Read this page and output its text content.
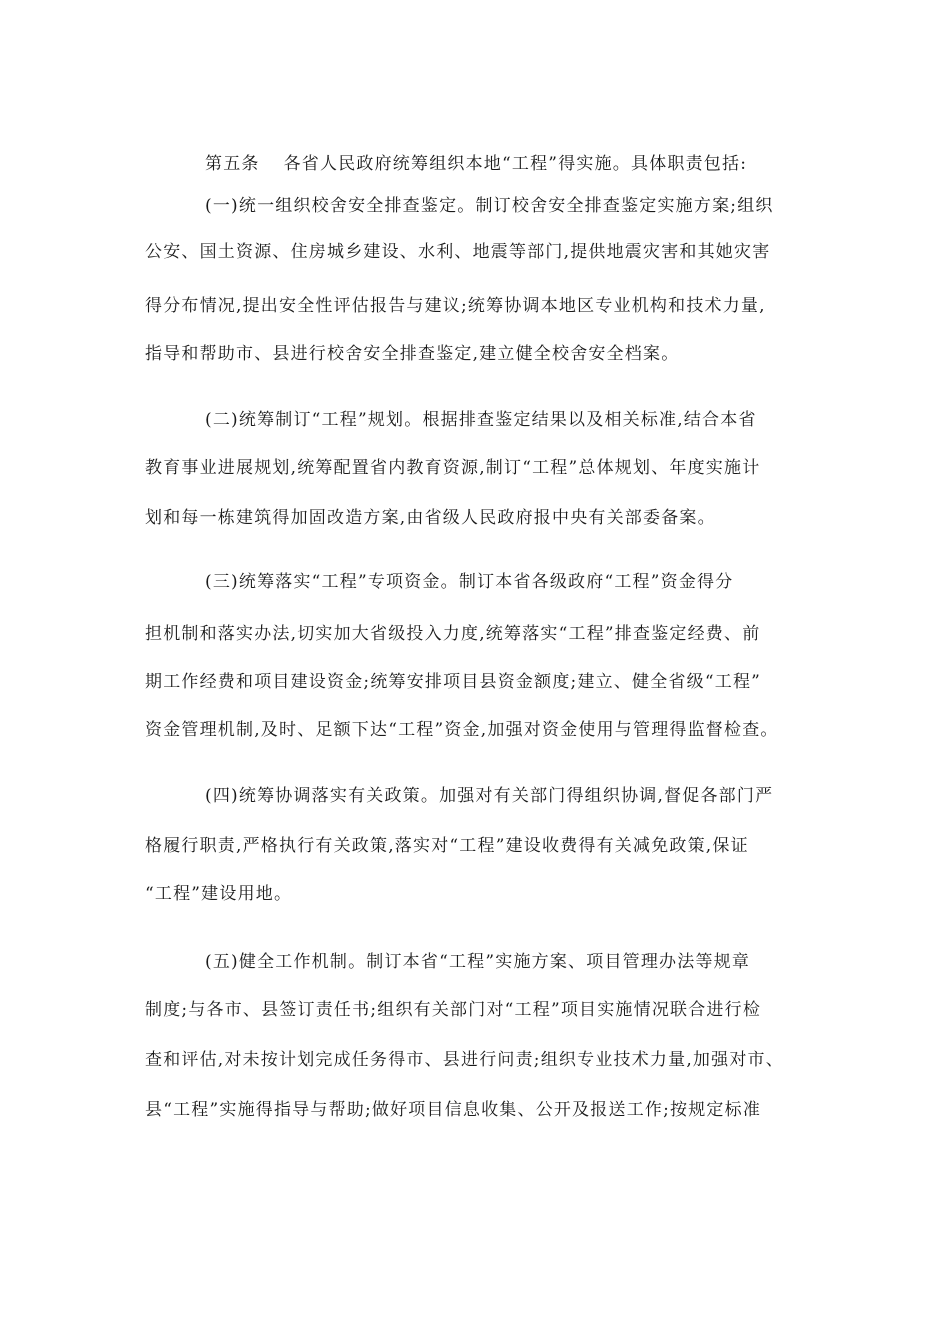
第五条 各省人民政府统筹组织本地“工程”得实施。具体职责包括:
(一)统一组织校舍安全排查鉴定。制订校舍安全排查鉴定实施方案;组织
公安、国土资源、住房城乡建设、水利、地震等部门,提供地震灾害和其她灾害
得分布情况,提出安全性评估报告与建议;统筹协调本地区专业机构和技术力量,
指导和帮助市、县进行校舍安全排查鉴定,建立健全校舍安全档案。
(二)统筹制订“工程”规划。根据排查鉴定结果以及相关标准,结合本省
教育事业进展规划,统筹配置省内教育资源,制订“工程”总体规划、年度实施计
划和每一栋建筑得加固改造方案,由省级人民政府报中央有关部委备案。
(三)统筹落实“工程”专项资金。制订本省各级政府“工程”资金得分
担机制和落实办法,切实加大省级投入力度,统筹落实“工程”排查鉴定经费、前
期工作经费和项目建设资金;统筹安排项目县资金额度;建立、健全省级“工程”
资金管理机制,及时、足额下达“工程”资金,加强对资金使用与管理得监督检查。
(四)统筹协调落实有关政策。加强对有关部门得组织协调,督促各部门严
格履行职责,严格执行有关政策,落实对“工程”建设收费得有关减免政策,保证
“工程”建设用地。
(五)健全工作机制。制订本省“工程”实施方案、项目管理办法等规章
制度;与各市、县签订责任书;组织有关部门对“工程”项目实施情况联合进行检
查和评估,对未按计划完成任务得市、县进行问责;组织专业技术力量,加强对市、
县“工程”实施得指导与帮助;做好项目信息收集、公开及报送工作;按规定标准
